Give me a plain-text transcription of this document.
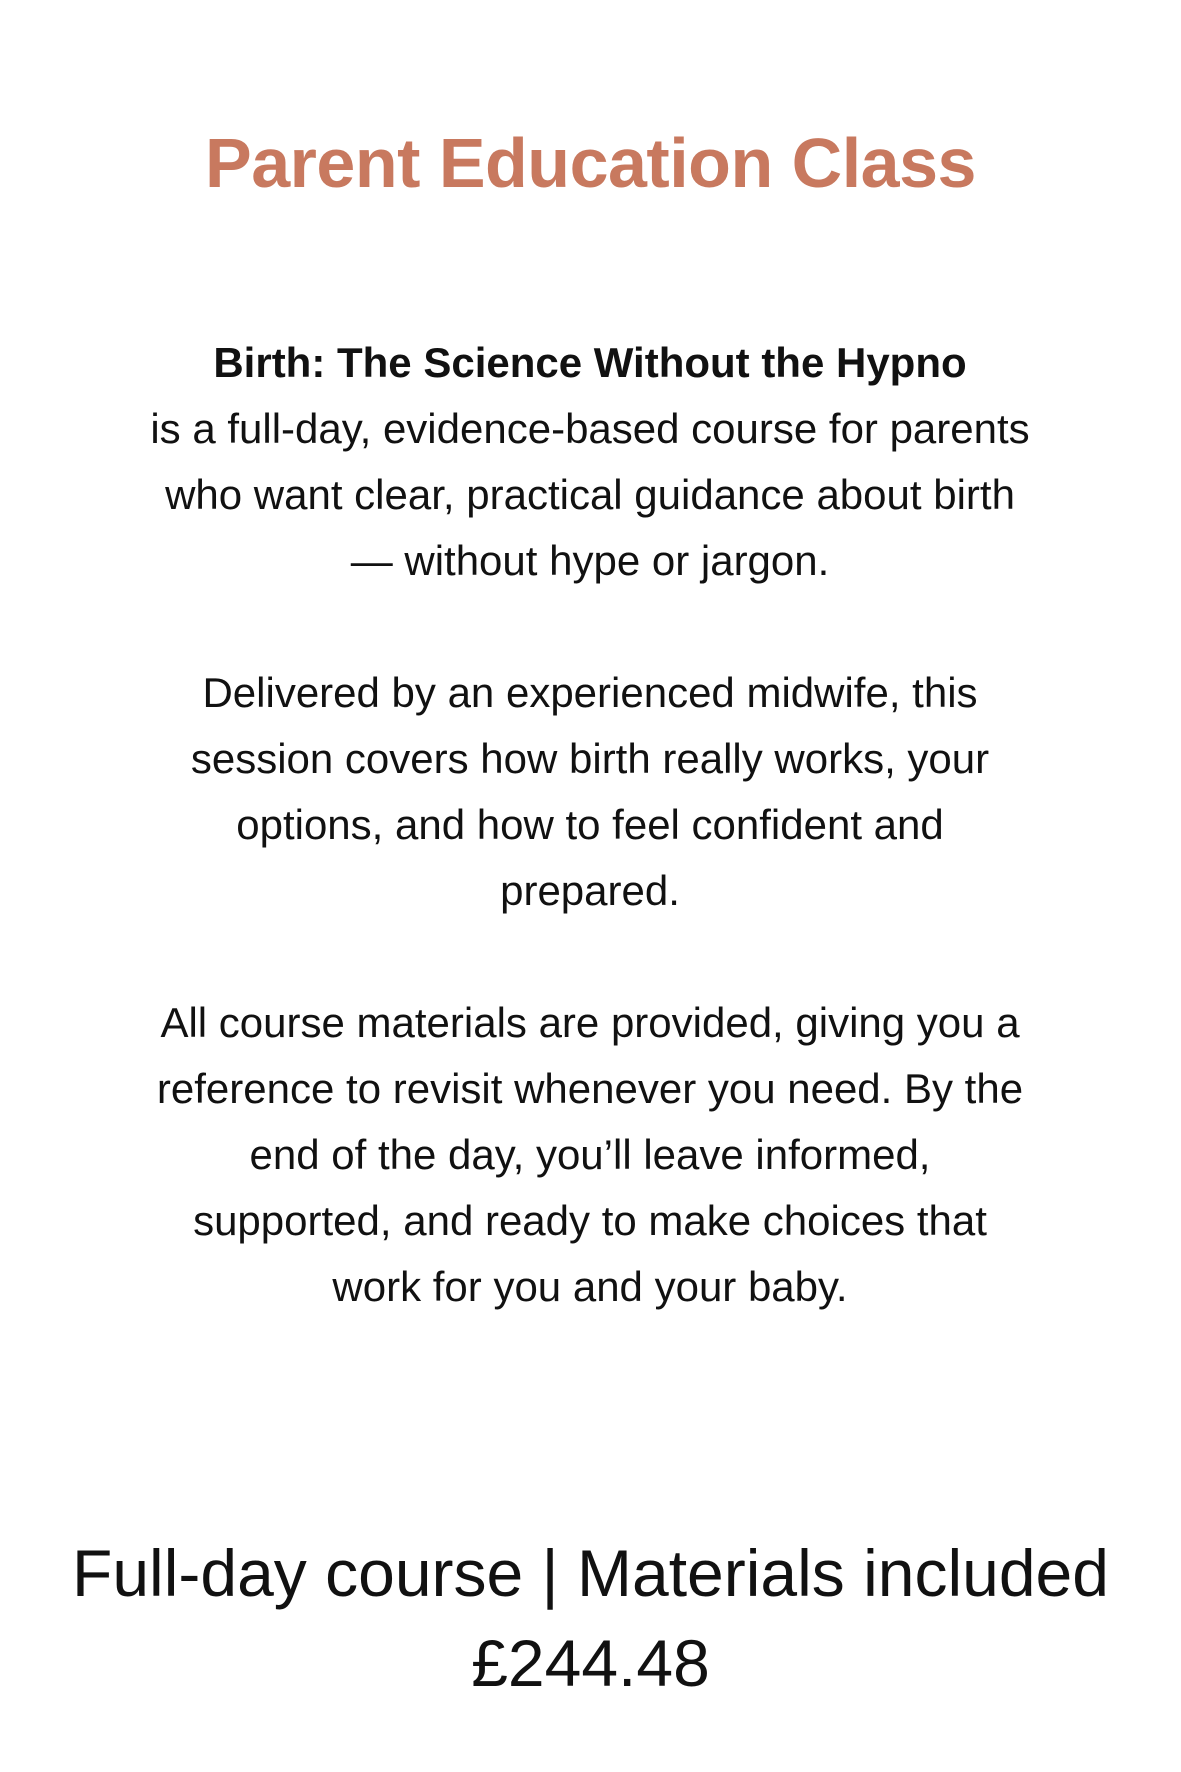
Parent Education Class

Birth: The Science Without the Hypno
is a full-day, evidence-based course for parents who want clear, practical guidance about birth — without hype or jargon.

Delivered by an experienced midwife, this session covers how birth really works, your options, and how to feel confident and prepared.

All course materials are provided, giving you a reference to revisit whenever you need. By the end of the day, you’ll leave informed, supported, and ready to make choices that work for you and your baby.

Full-day course | Materials included
£244.48
